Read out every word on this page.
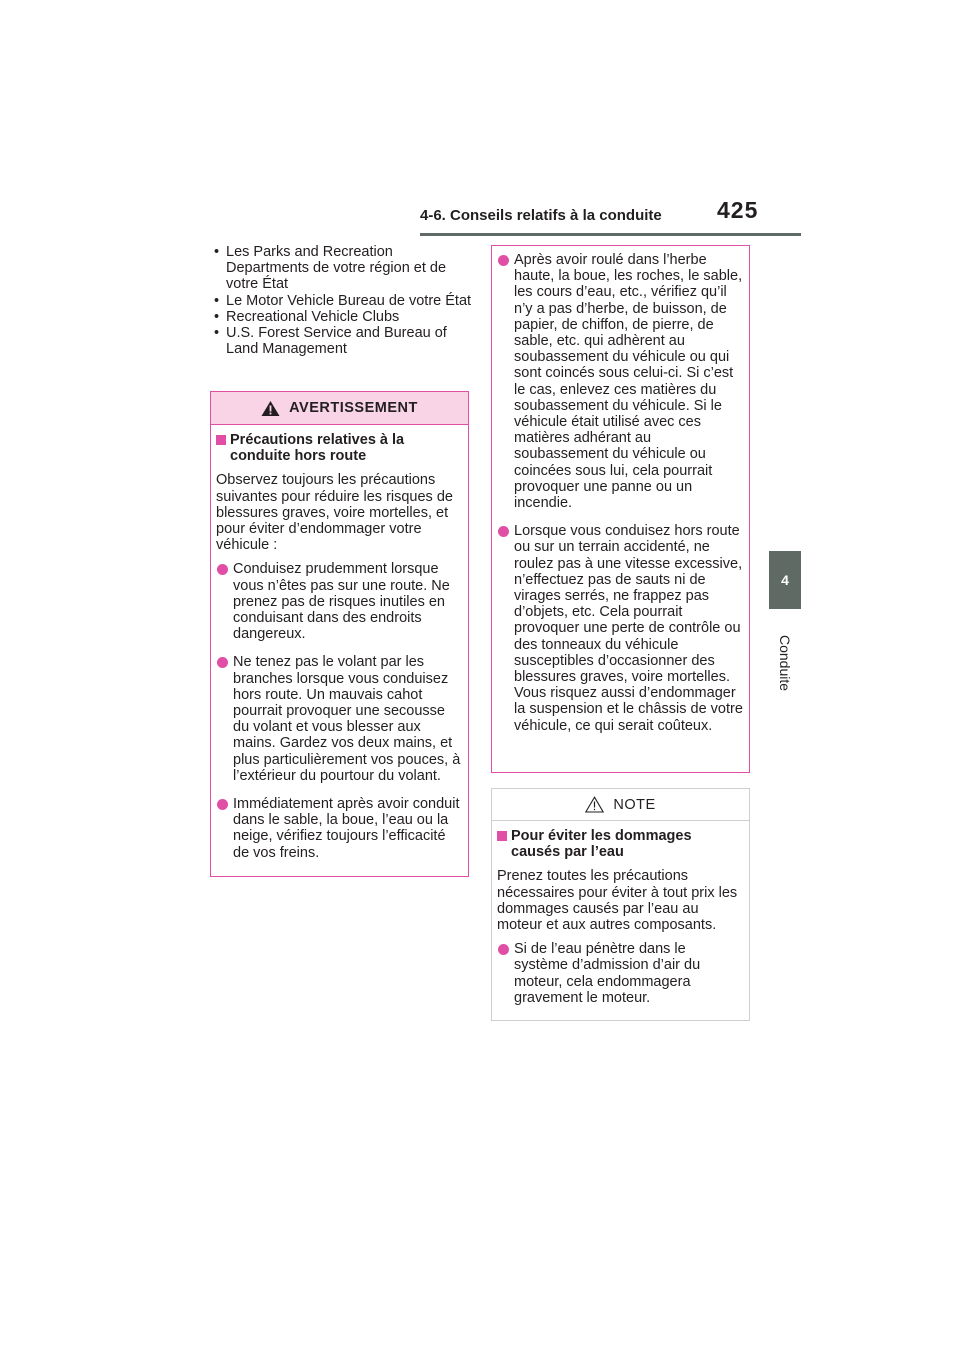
4-6. Conseils relatifs à la conduite 425
4
Conduite
• Les Parks and Recreation Departments de votre région et de votre État
• Le Motor Vehicle Bureau de votre État
• Recreational Vehicle Clubs
• U.S. Forest Service and Bureau of Land Management
AVERTISSEMENT
Précautions relatives à la conduite hors route

Observez toujours les précautions suivantes pour réduire les risques de blessures graves, voire mortelles, et pour éviter d’endommager votre véhicule :

Conduisez prudemment lorsque vous n’êtes pas sur une route. Ne prenez pas de risques inutiles en conduisant dans des endroits dangereux.
Ne tenez pas le volant par les branches lorsque vous conduisez hors route. Un mauvais cahot pourrait provoquer une secousse du volant et vous blesser aux mains. Gardez vos deux mains, et plus particulièrement vos pouces, à l’extérieur du pourtour du volant.
Immédiatement après avoir conduit dans le sable, la boue, l’eau ou la neige, vérifiez toujours l’efficacité de vos freins.
Après avoir roulé dans l’herbe haute, la boue, les roches, le sable, les cours d’eau, etc., vérifiez qu’il n’y a pas d’herbe, de buisson, de papier, de chiffon, de pierre, de sable, etc. qui adhèrent au soubassement du véhicule ou qui sont coincés sous celui-ci. Si c’est le cas, enlevez ces matières du soubassement du véhicule. Si le véhicule était utilisé avec ces matières adhérant au soubassement du véhicule ou coincées sous lui, cela pourrait provoquer une panne ou un incendie.
Lorsque vous conduisez hors route ou sur un terrain accidenté, ne roulez pas à une vitesse excessive, n’effectuez pas de sauts ni de virages serrés, ne frappez pas d’objets, etc. Cela pourrait provoquer une perte de contrôle ou des tonneaux du véhicule susceptibles d’occasionner des blessures graves, voire mortelles. Vous risquez aussi d’endommager la suspension et le châssis de votre véhicule, ce qui serait coûteux.
NOTE
Pour éviter les dommages causés par l’eau

Prenez toutes les précautions nécessaires pour éviter à tout prix les dommages causés par l’eau au moteur et aux autres composants.

Si de l’eau pénètre dans le système d’admission d’air du moteur, cela endommagera gravement le moteur.
